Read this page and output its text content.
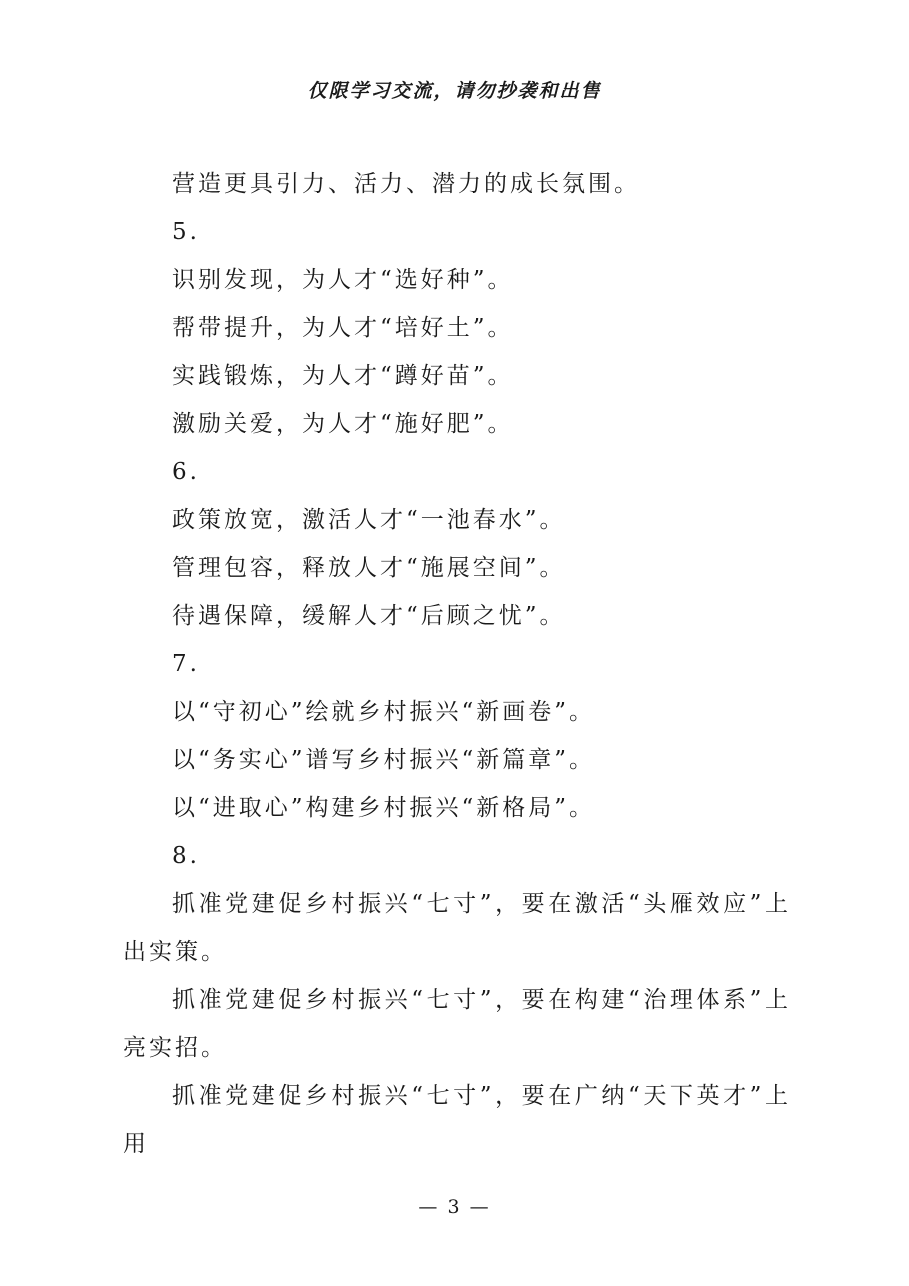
仅限学习交流，请勿抄袭和出售
营造更具引力、活力、潜力的成长氛围。
5.
识别发现，为人才“选好种”。
帮带提升，为人才“培好土”。
实践锻炼，为人才“蹲好苗”。
激励关爱，为人才“施好肥”。
6.
政策放宽，激活人才“一池春水”。
管理包容，释放人才“施展空间”。
待遇保障，缓解人才“后顾之忧”。
7.
以“守初心”绘就乡村振兴“新画卷”。
以“务实心”谱写乡村振兴“新篇章”。
以“进取心”构建乡村振兴“新格局”。
8.
抓准党建促乡村振兴“七寸”，要在激活“头雁效应”上出实策。
抓准党建促乡村振兴“七寸”，要在构建“治理体系”上亮实招。
抓准党建促乡村振兴“七寸”，要在广纳“天下英才”上用
— 3 —
